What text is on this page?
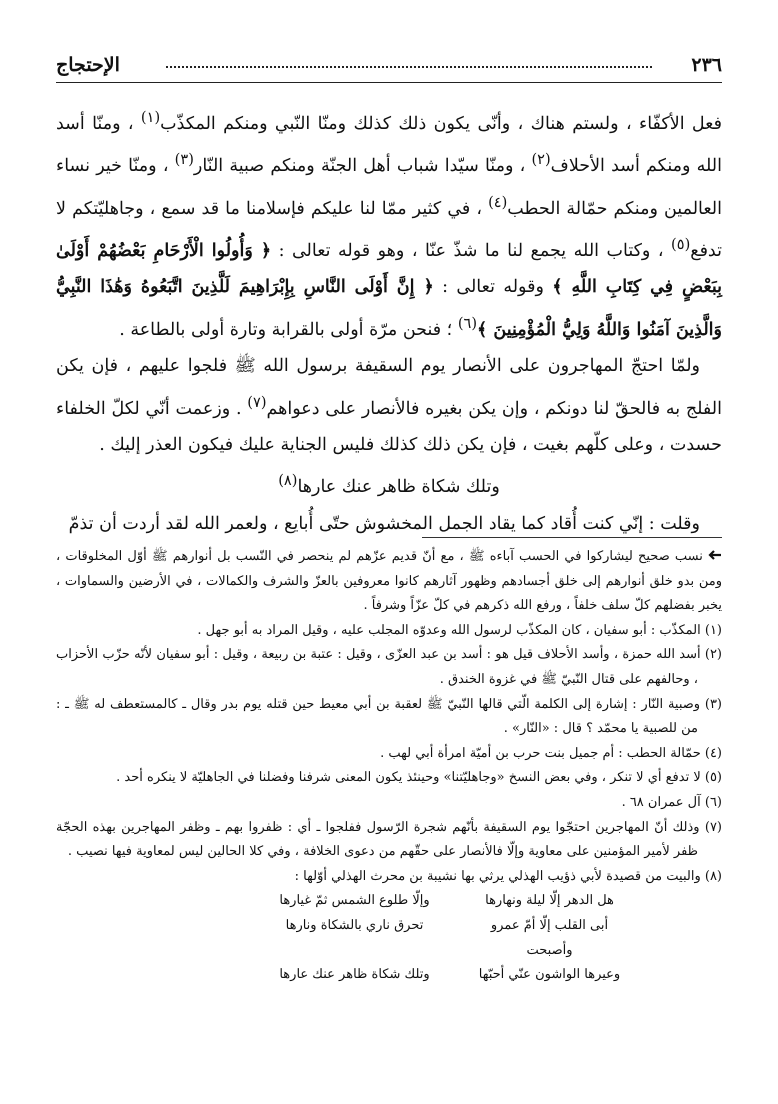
٢٣٦
الإحتجاج

فعل الأكفّاء ، ولستم هناك ، وأنّى يكون ذلك كذلك ومنّا النّبي ومنكم المكذّب$^{(١)}$ ، ومنّا أسد الله ومنكم أسد الأحلاف$^{(٢)}$ ، ومنّا سيّدا شباب أهل الجنّة ومنكم صبية النّار$^{(٣)}$ ، ومنّا خير نساء العالمين ومنكم حمّالة الحطب$^{(٤)}$ ، في كثير ممّا لنا عليكم فإسلامنا ما قد سمع ، وجاهليّتكم لا تدفع$^{(٥)}$ ، وكتاب الله يجمع لنا ما شذّ عنّا ، وهو قوله تعالى : ﴿ وَأُولُوا الْأَرْحَامِ بَعْضُهُمْ أَوْلَىٰ بِبَعْضٍ فِي كِتَابِ اللَّهِ ﴾ وقوله تعالى : ﴿ إِنَّ أَوْلَى النَّاسِ بِإِبْرَاهِيمَ لَلَّذِينَ اتَّبَعُوهُ وَهَٰذَا النَّبِيُّ وَالَّذِينَ آمَنُوا وَاللَّهُ وَلِيُّ الْمُؤْمِنِينَ ﴾$^{(٦)}$ ؛ فنحن مرّة أولى بالقرابة وتارة أولى بالطاعة .

ولمّا احتجّ المهاجرون على الأنصار يوم السقيفة برسول الله ﷺ فلجوا عليهم ، فإن يكن الفلج به فالحقّ لنا دونكم ، وإن يكن بغيره فالأنصار على دعواهم$^{(٧)}$ . وزعمت أنّي لكلّ الخلفاء حسدت ، وعلى كلّهم بغيت ، فإن يكن ذلك كذلك فليس الجناية عليك فيكون العذر إليك .

وتلك شكاة ظاهر عنك عارها$^{(٨)}$

وقلت : إنّي كنت أُقاد كما يقاد الجمل المخشوش حتّى أُبايع ، ولعمر الله لقد أردت أن تذمّ

نسب صحيح ليشاركوا في الحسب آباءه ﷺ ، مع أنّ قديم عزّهم لم ينحصر في النّسب بل أنوارهم ﷺ أوّل المخلوقات ، ومن بدو خلق أنوارهم إلى خلق أجسادهم وظهور آثارهم كانوا معروفين بالعزّ والشرف والكمالات ، في الأرضين والسماوات ، يخبر بفضلهم كلّ سلف خلفاً ، ورفع الله ذكرهم في كلّ عزّاً وشرفاً .

(١) المكذّب : أبو سفيان ، كان المكذّب لرسول الله وعدوّه المجلب عليه ، وقيل المراد به أبو جهل .

(٢) أسد الله حمزة ، وأسد الأحلاف قيل هو : أسد بن عبد العزّى ، وقيل : عتبة بن ربيعة ، وقيل : أبو سفيان لأنّه حزّب الأحزاب ، وحالفهم على قتال النّبيّ ﷺ في غزوة الخندق .

(٣) وصبية النّار : إشارة إلى الكلمة الّتي قالها النّبيّ ﷺ لعقبة بن أبي معيط حين قتله يوم بدر وقال ـ كالمستعطف له ﷺ ـ : من للصبية يا محمّد ؟ قال : «النّار» .

(٤) حمّالة الحطب : أم جميل بنت حرب بن أميّة امرأة أبي لهب .

(٥) لا تدفع أي لا تنكر ، وفي بعض النسخ «وجاهليّتنا» وحينئذ يكون المعنى شرفنا وفضلنا في الجاهليّة لا ينكره أحد .

(٦) آل عمران ٦٨ .

(٧) وذلك أنّ المهاجرين احتجّوا يوم السقيفة بأنّهم شجرة الرّسول ففلجوا ـ أي : ظفروا بهم ـ وظفر المهاجرين بهذه الحجّة ظفر لأمير المؤمنين على معاوية وإلّا فالأنصار على حقّهم من دعوى الخلافة ، وفي كلا الحالين ليس لمعاوية فيها نصيب .

(٨) والبيت من قصيدة لأبي ذؤيب الهذلي يرثي بها نشيبة بن محرث الهذلي أوّلها :

هل الدهر إلّا ليلة ونهارها
وإلّا طلوع الشمس ثمّ غيارها
أبى القلب إلّا أمّ عمرو وأصبحت
تحرق ناري بالشكاة ونارها
وعيرها الواشون عنّي أحبّها
وتلك شكاة ظاهر عنك عارها
